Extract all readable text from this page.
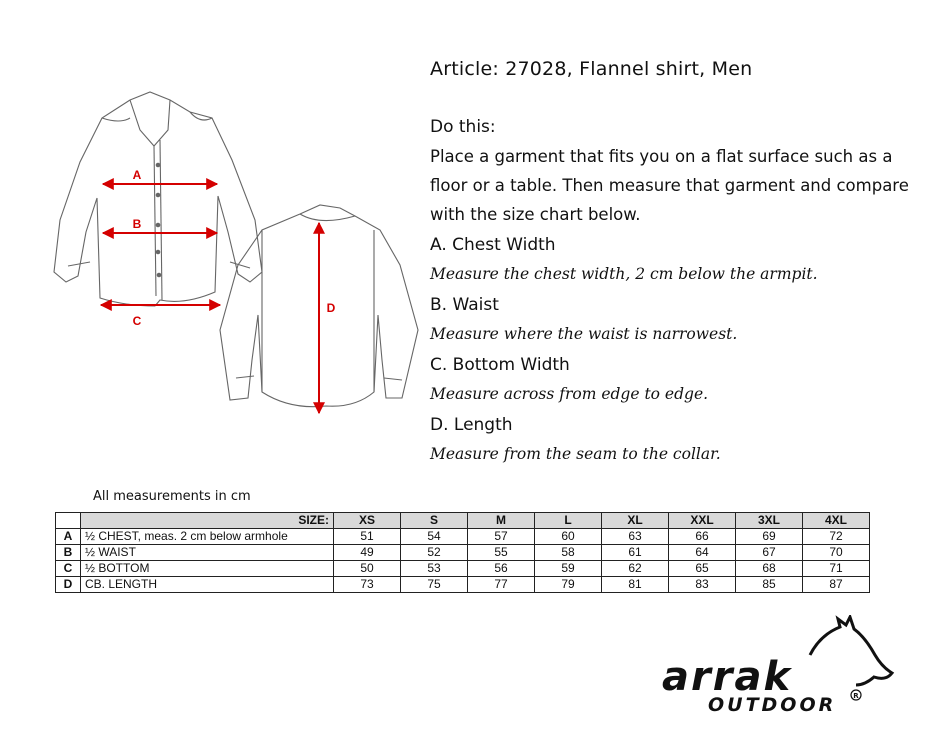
A
B
C
D
Article: 27028, Flannel shirt, Men

Do this:

Place a garment that fits you on a flat surface such as a floor or a table. Then measure that garment and compare with the size chart below.

A. Chest Width

Measure the chest width, 2 cm below the armpit.

B. Waist

Measure where the waist is narrowest.

C. Bottom Width

Measure across from edge to edge.

D. Length

Measure from the seam to the collar.

All measurements in cm
	SIZE:	XS	S	M	L	XL	XXL	3XL	4XL
A	½ CHEST, meas. 2 cm below armhole	51	54	57	60	63	66	69	72
B	½ WAIST	49	52	55	58	61	64	67	70
C	½ BOTTOM	50	53	56	59	62	65	68	71
D	CB. LENGTH	73	75	77	79	81	83	85	87
arrak
OUTDOOR R
